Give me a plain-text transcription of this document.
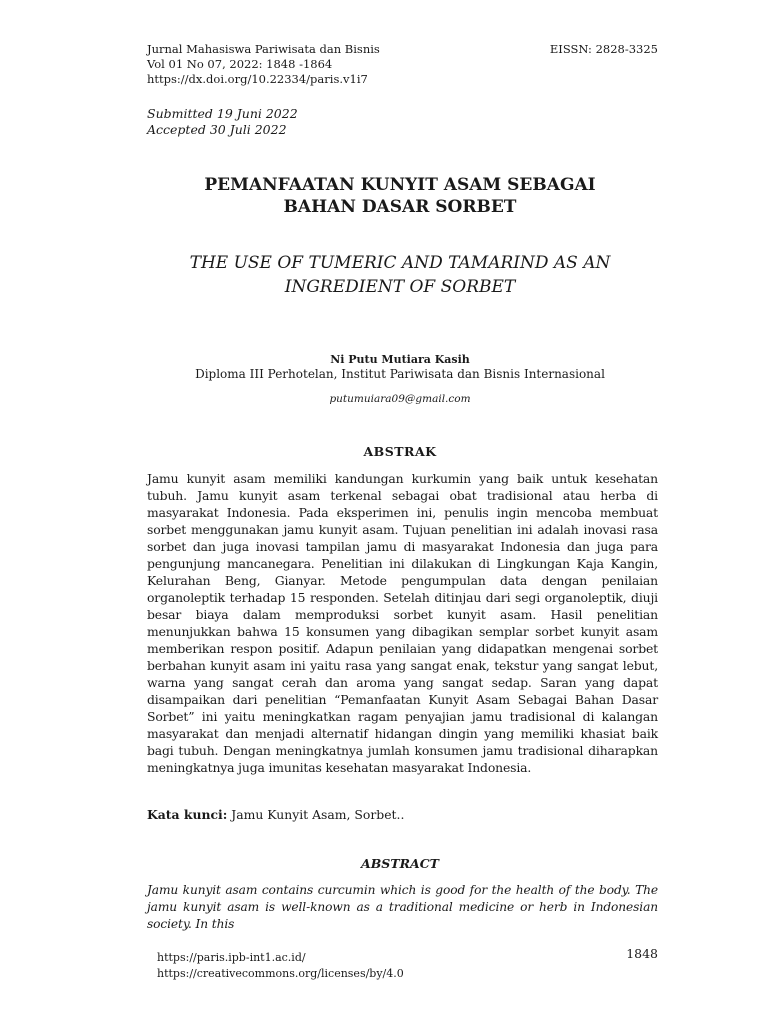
Jurnal Mahasiswa Pariwisata dan Bisnis
Vol 01 No 07, 2022: 1848 -1864
https://dx.doi.org/10.22334/paris.v1i7
EISSN: 2828-3325
Submitted 19 Juni 2022
Accepted 30 Juli 2022
PEMANFAATAN KUNYIT ASAM SEBAGAI
BAHAN DASAR SORBET
THE USE OF TUMERIC AND TAMARIND AS AN
INGREDIENT OF SORBET
Ni Putu Mutiara Kasih
Diploma III Perhotelan, Institut Pariwisata dan Bisnis Internasional
putumuiara09@gmail.com
ABSTRAK

Jamu kunyit asam memiliki kandungan kurkumin yang baik untuk kesehatan tubuh. Jamu kunyit asam terkenal sebagai obat tradisional atau herba di masyarakat Indonesia. Pada eksperimen ini, penulis ingin mencoba membuat sorbet menggunakan jamu kunyit asam. Tujuan penelitian ini adalah inovasi rasa sorbet dan juga inovasi tampilan jamu di masyarakat Indonesia dan juga para pengunjung mancanegara. Penelitian ini dilakukan di Lingkungan Kaja Kangin, Kelurahan Beng, Gianyar. Metode pengumpulan data dengan penilaian organoleptik terhadap 15 responden. Setelah ditinjau dari segi organoleptik, diuji besar biaya dalam memproduksi sorbet kunyit asam. Hasil penelitian menunjukkan bahwa 15 konsumen yang dibagikan semplar sorbet kunyit asam memberikan respon positif. Adapun penilaian yang didapatkan mengenai sorbet berbahan kunyit asam ini yaitu rasa yang sangat enak, tekstur yang sangat lebut, warna yang sangat cerah dan aroma yang sangat sedap. Saran yang dapat disampaikan dari penelitian “Pemanfaatan Kunyit Asam Sebagai Bahan Dasar Sorbet” ini yaitu meningkatkan ragam penyajian jamu tradisional di kalangan masyarakat dan menjadi alternatif hidangan dingin yang memiliki khasiat baik bagi tubuh. Dengan meningkatnya jumlah konsumen jamu tradisional diharapkan meningkatnya juga imunitas kesehatan masyarakat Indonesia.

Kata kunci: Jamu Kunyit Asam, Sorbet..
ABSTRACT

Jamu kunyit asam contains curcumin which is good for the health of the body. The jamu kunyit asam is well-known as a traditional medicine or herb in Indonesian society. In this

https://paris.ipb-int1.ac.id/
https://creativecommons.org/licenses/by/4.0
1848
